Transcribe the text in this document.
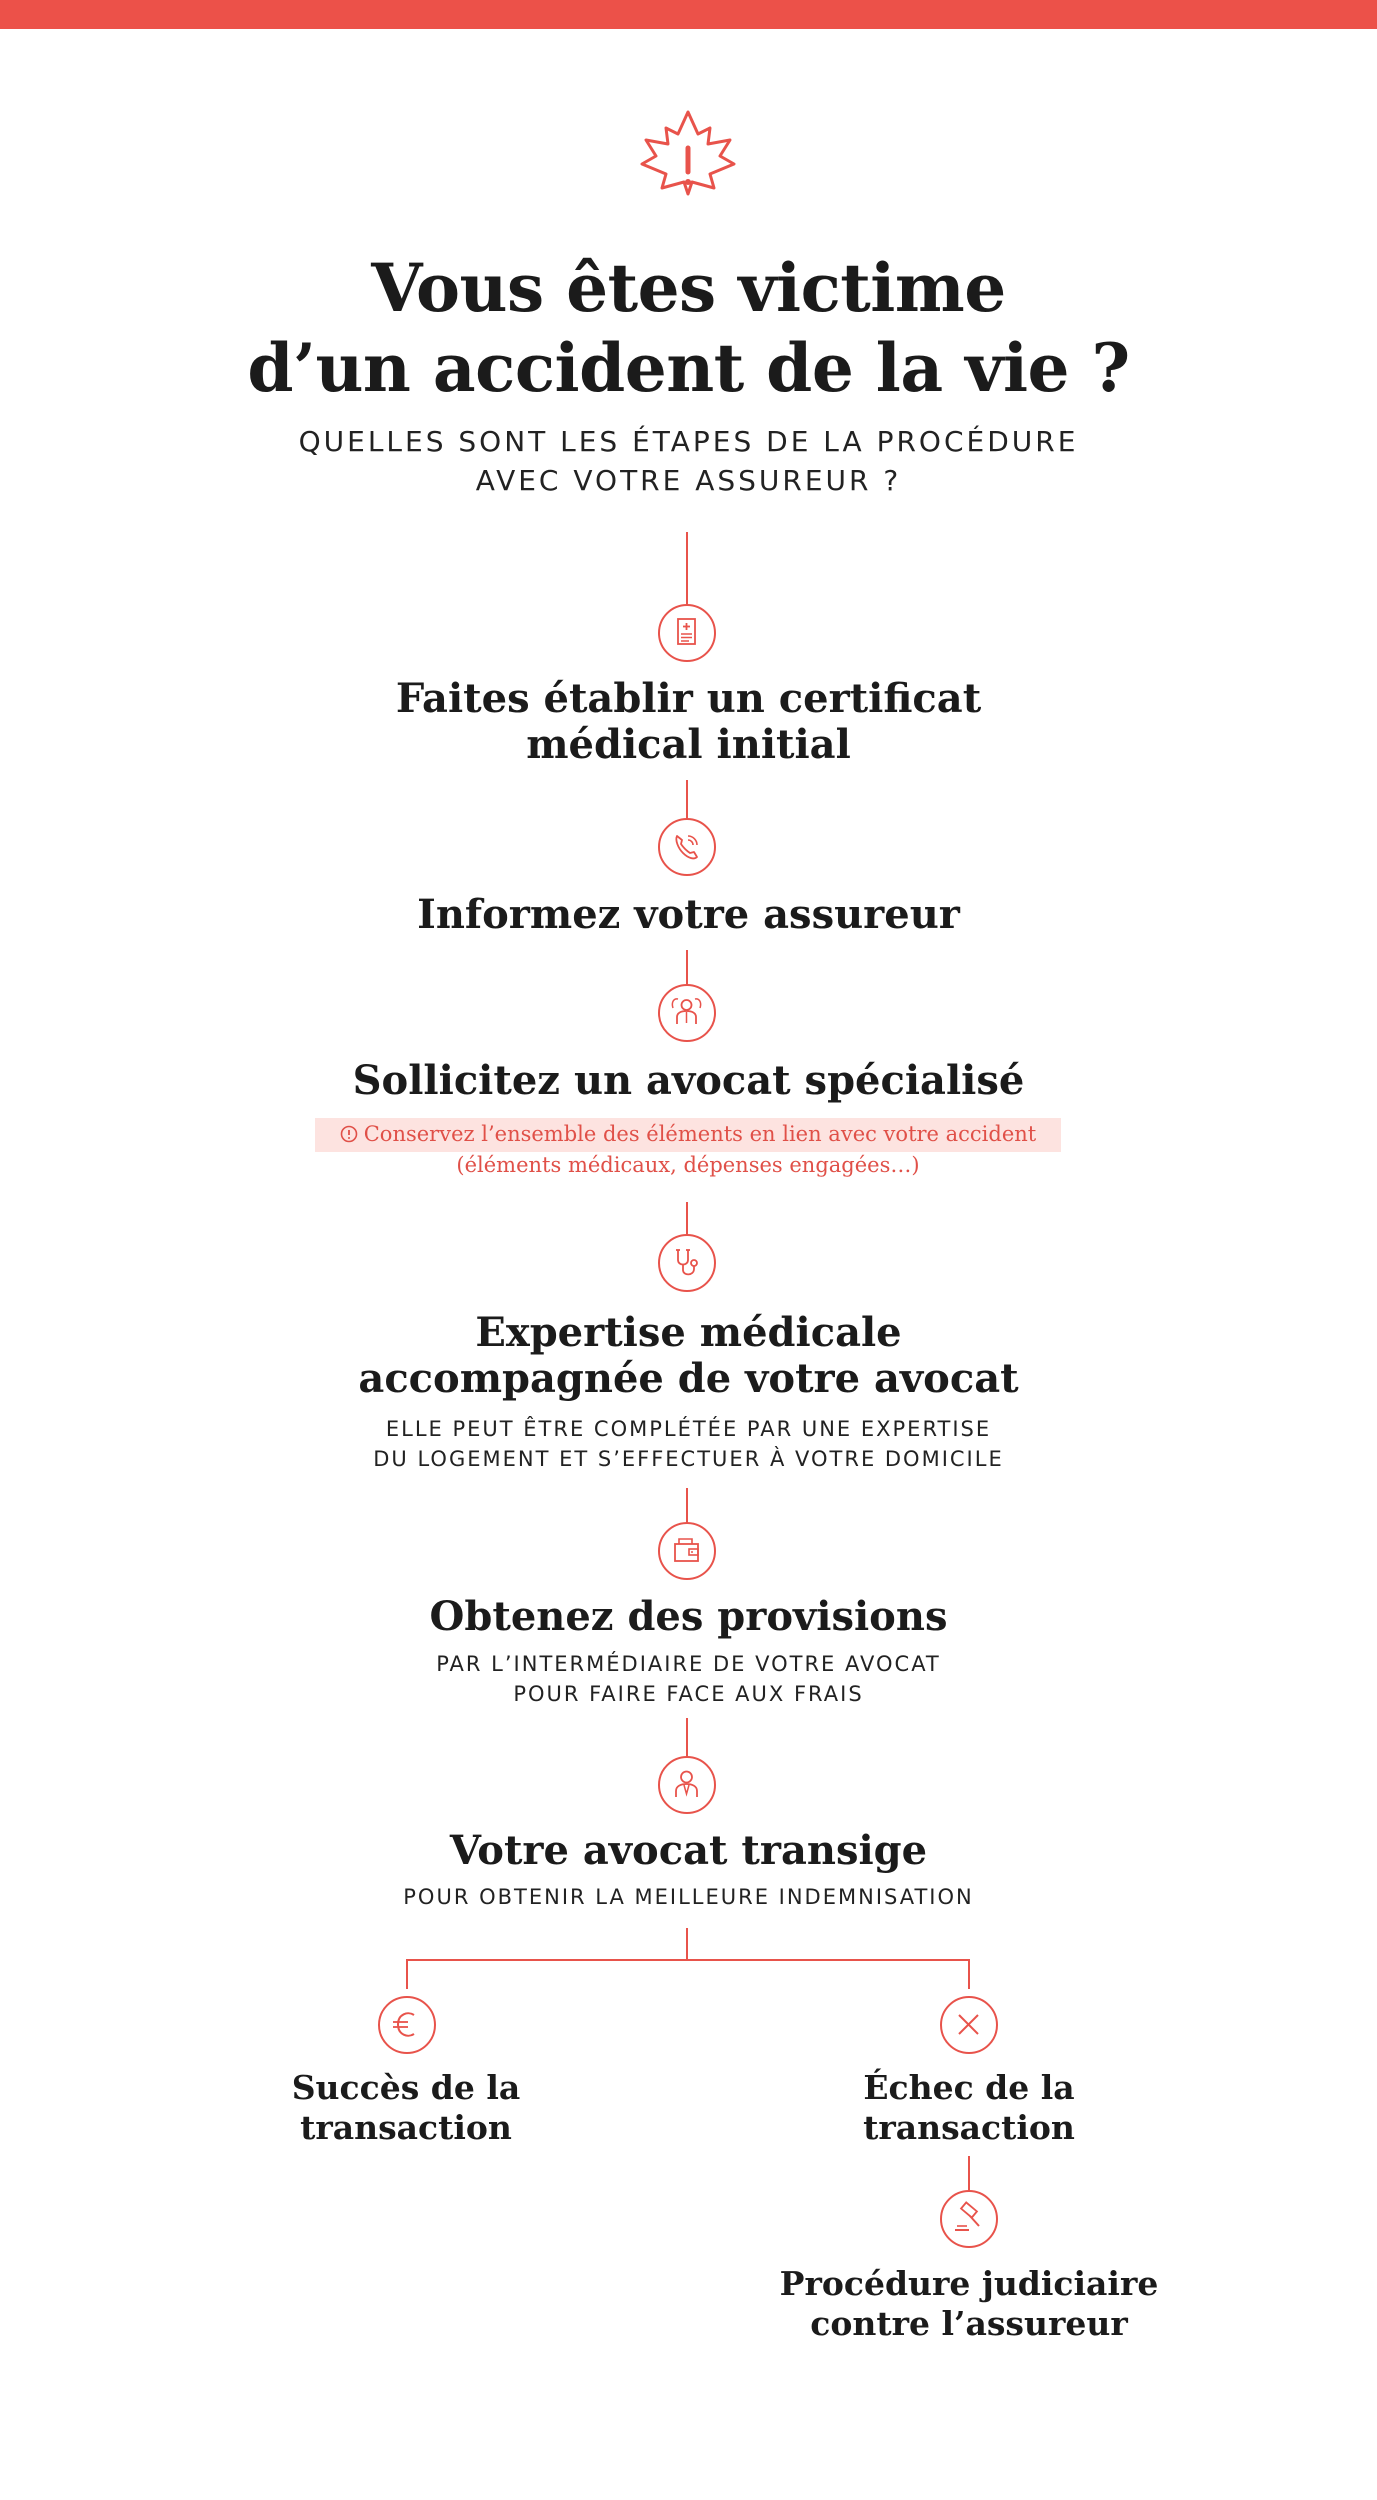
Vous êtes victime
d’un accident de la vie ?
QUELLES SONT LES ÉTAPES DE LA PROCÉDURE
AVEC VOTRE ASSUREUR ?
Faites établir un certificat
médical initial
Informez votre assureur
Sollicitez un avocat spécialisé
Conservez l’ensemble des éléments en lien avec votre accident
(éléments médicaux, dépenses engagées…)
Expertise médicale
accompagnée de votre avocat
ELLE PEUT ÊTRE COMPLÉTÉE PAR UNE EXPERTISE
DU LOGEMENT ET S’EFFECTUER À VOTRE DOMICILE
Obtenez des provisions
PAR L’INTERMÉDIAIRE DE VOTRE AVOCAT
POUR FAIRE FACE AUX FRAIS
Votre avocat transige
POUR OBTENIR LA MEILLEURE INDEMNISATION
Succès de la
transaction
Échec de la
transaction
Procédure judiciaire
contre l’assureur
